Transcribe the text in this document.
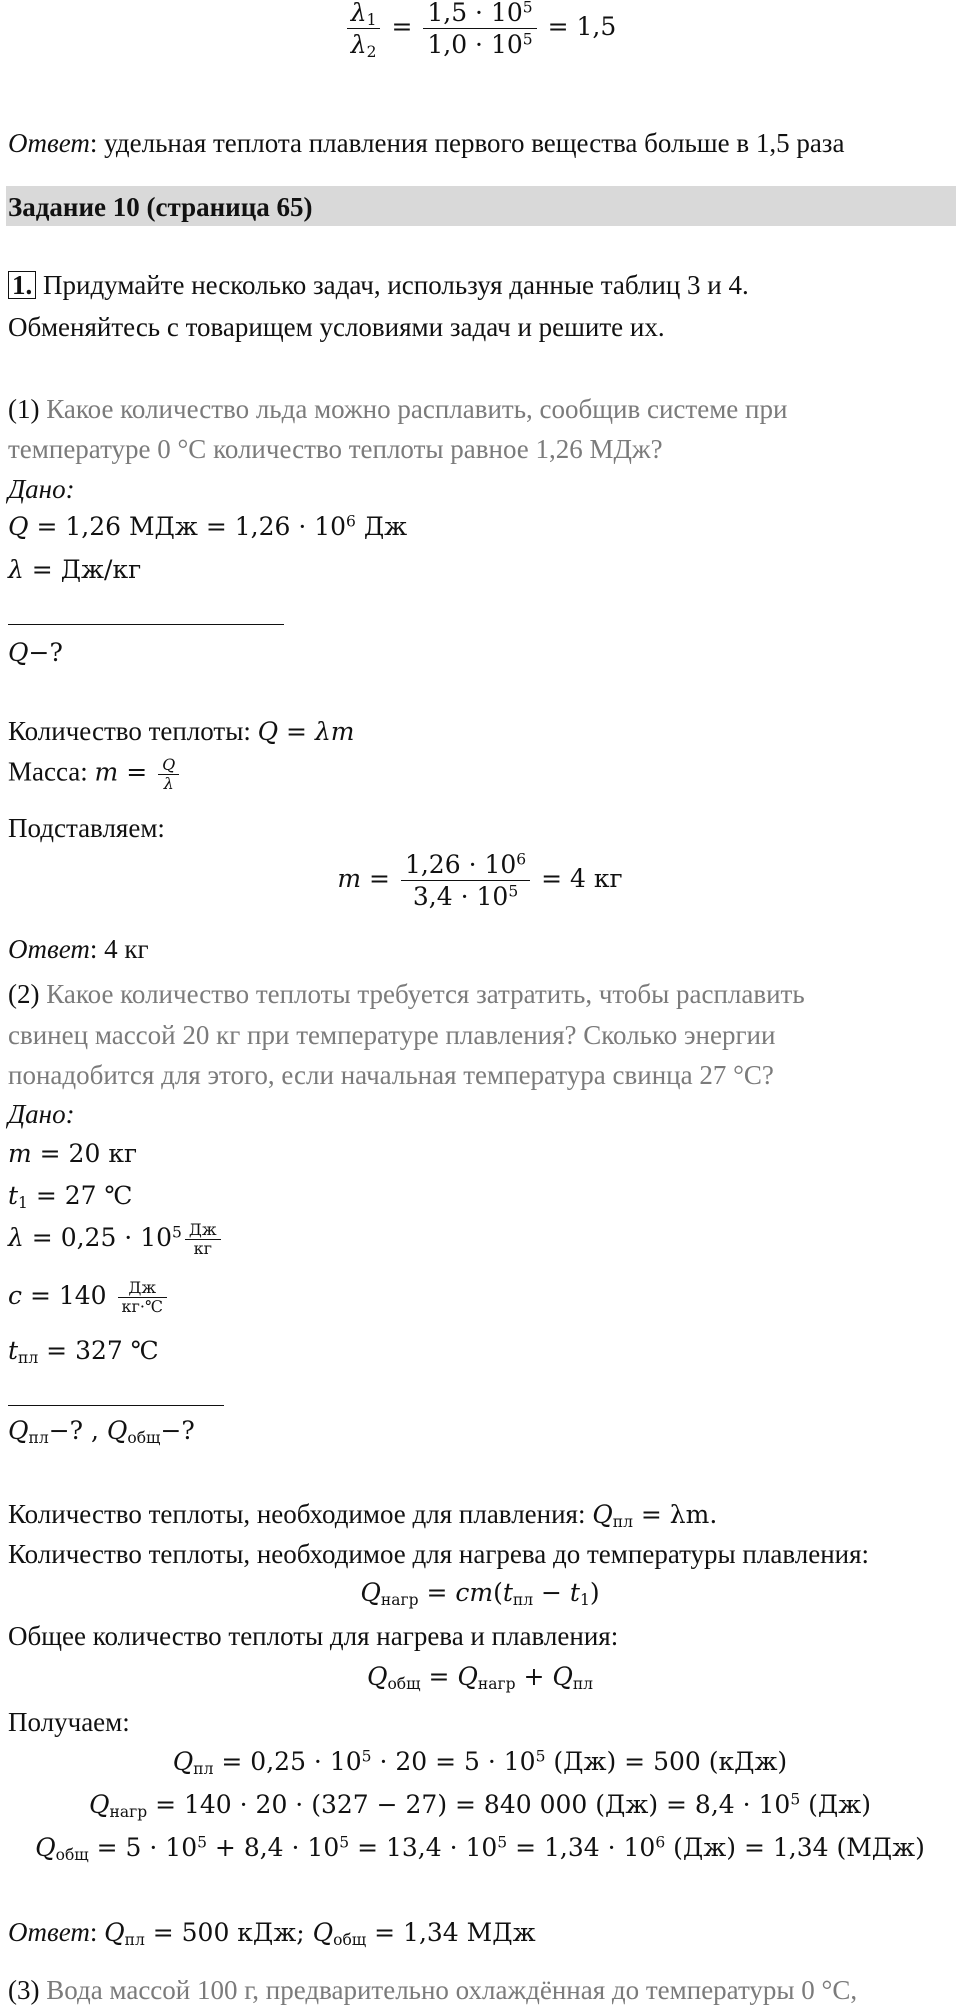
$\frac{\lambda_1}{\lambda_2} = \frac{1,5 \cdot 10^5}{1,0 \cdot 10^5} = 1,5$
Ответ: удельная теплота плавления первого вещества больше в 1,5 раза
Задание 10 (страница 65)
1. Придумайте несколько задач, используя данные таблиц 3 и 4.
Обменяйтесь с товарищем условиями задач и решите их.
(1) Какое количество льда можно расплавить, сообщив системе при
температуре 0 °С количество теплоты равное 1,26 МДж?
Дано:
Q = 1,26 МДж = $1,26 \cdot 10^6$ Дж
λ = Дж/кг
Q−?
Количество теплоты: Q = λm
Масса: $m = \frac{Q}{\lambda}$
Подставляем:
$m = \frac{1,26 \cdot 10^6}{3,4 \cdot 10^5} = 4$ кг
Ответ: 4 кг
(2) Какое количество теплоты требуется затратить, чтобы расплавить
свинец массой 20 кг при температуре плавления? Сколько энергии
понадобится для этого, если начальная температура свинца 27 °С?
Дано:
m = 20 кг
$t_1 = 27$ ℃
$\lambda = 0,25 \cdot 10^5 \frac{Дж}{кг}$
$c = 140 \frac{Дж}{кг\cdot℃}$
$t_{пл} = 327$ ℃
$Q_{пл}-$? , $Q_{общ}-$?
Количество теплоты, необходимое для плавления: $Q_{пл} = \lambda m$.
Количество теплоты, необходимое для нагрева до температуры плавления:
$Q_{нагр} = cm(t_{пл} - t_1)$
Общее количество теплоты для нагрева и плавления:
$Q_{общ} = Q_{нагр} + Q_{пл}$
Получаем:
$Q_{пл} = 0,25 \cdot 10^5 \cdot 20 = 5 \cdot 10^5$ (Дж) = 500 (кДж)
$Q_{нагр} = 140 \cdot 20 \cdot (327 - 27) = 840$ 000 $(Дж) = 8,4 \cdot 10^5$ (Дж)
$Q_{общ} = 5 \cdot 10^5 + 8,4 \cdot 10^5 = 13,4 \cdot 10^5 = 1,34 \cdot 10^6$ (Дж) = 1,34 (МДж)
Ответ: $Q_{пл} = 500$ кДж; $Q_{общ} = 1,34$ МДж
(3) Вода массой 100 г, предварительно охлаждённая до температуры 0 °С,
